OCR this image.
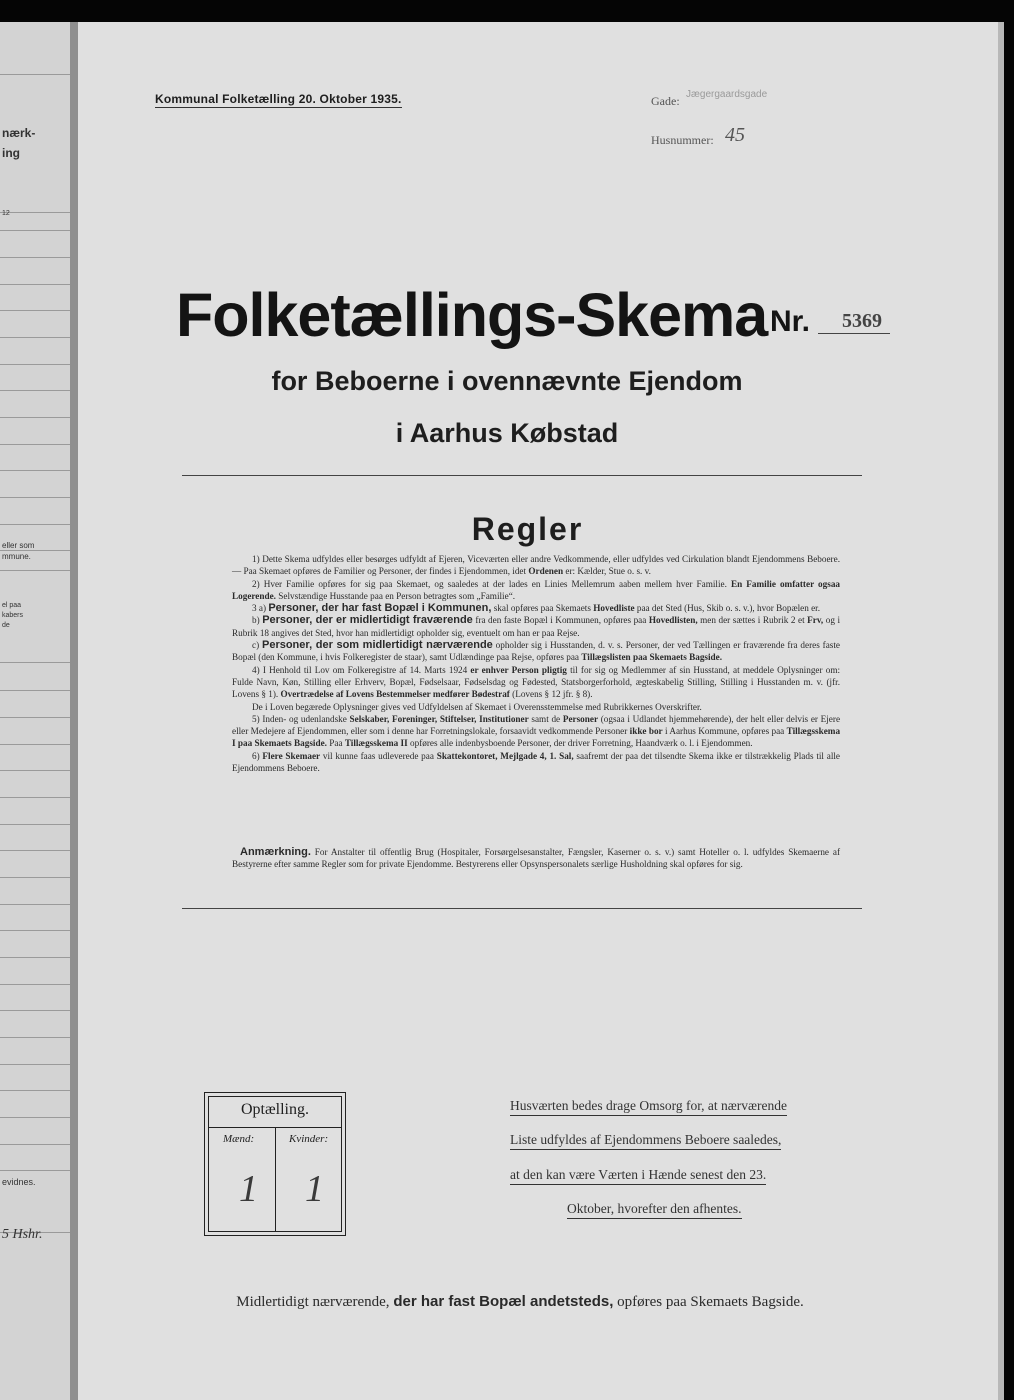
nærk-
ing
12
eller som
mmune.
el paa
kabers
de
evidnes.
5 Hshr.
Kommunal Folketælling 20. Oktober 1935.	Gade: Jægergaardsgade
Husnummer: 45
Folketællings-Skema Nr. 5369
for Beboerne i ovennævnte Ejendom
i Aarhus Købstad
Regler

1) Dette Skema udfyldes eller besørges udfyldt af Ejeren, Viceværten eller andre Vedkommende, eller udfyldes ved Cirkulation blandt Ejendommens Beboere. — Paa Skemaet opføres de Familier og Personer, der findes i Ejendommen, idet Ordenen er: Kælder, Stue o. s. v.

2) Hver Familie opføres for sig paa Skemaet, og saaledes at der lades en Linies Mellemrum aaben mellem hver Familie. En Familie omfatter ogsaa Logerende. Selvstændige Husstande paa en Person betragtes som „Familie“.

3 a) Personer, der har fast Bopæl i Kommunen, skal opføres paa Skemaets Hovedliste paa det Sted (Hus, Skib o. s. v.), hvor Bopælen er.

b) Personer, der er midlertidigt fraværende fra den faste Bopæl i Kommunen, opføres paa Hovedlisten, men der sættes i Rubrik 2 et Frv, og i Rubrik 18 angives det Sted, hvor han midlertidigt opholder sig, eventuelt om han er paa Rejse.

c) Personer, der som midlertidigt nærværende opholder sig i Husstanden, d. v. s. Personer, der ved Tællingen er fraværende fra deres faste Bopæl (den Kommune, i hvis Folkeregister de staar), samt Udlændinge paa Rejse, opføres paa Tillægslisten paa Skemaets Bagside.

4) I Henhold til Lov om Folkeregistre af 14. Marts 1924 er enhver Person pligtig til for sig og Medlemmer af sin Husstand, at meddele Oplysninger om: Fulde Navn, Køn, Stilling eller Erhverv, Bopæl, Fødselsaar, Fødselsdag og Fødested, Statsborgerforhold, ægteskabelig Stilling, Stilling i Husstanden m. v. (jfr. Lovens § 1). Overtrædelse af Lovens Bestemmelser medfører Bødestraf (Lovens § 12 jfr. § 8).

De i Loven begærede Oplysninger gives ved Udfyldelsen af Skemaet i Overensstemmelse med Rubrikkernes Overskrifter.

5) Inden- og udenlandske Selskaber, Foreninger, Stiftelser, Institutioner samt de Personer (ogsaa i Udlandet hjemmehørende), der helt eller delvis er Ejere eller Medejere af Ejendommen, eller som i denne har Forretningslokale, forsaavidt vedkommende Personer ikke bor i Aarhus Kommune, opføres paa Tillægsskema I paa Skemaets Bagside. Paa Tillægsskema II opføres alle indenbysboende Personer, der driver Forretning, Haandværk o. l. i Ejendommen.

6) Flere Skemaer vil kunne faas udleverede paa Skattekontoret, Mejlgade 4, 1. Sal, saafremt der paa det tilsendte Skema ikke er tilstrækkelig Plads til alle Ejendommens Beboere.

Anmærkning. For Anstalter til offentlig Brug (Hospitaler, Forsørgelsesanstalter, Fængsler, Kaserner o. s. v.) samt Hoteller o. l. udfyldes Skemaerne af Bestyrerne efter samme Regler som for private Ejendomme. Bestyrerens eller Opsynspersonalets særlige Husholdning skal opføres for sig.
Optælling.
Mænd:	Kvinder:
1 1
Husværten bedes drage Omsorg for, at nærværende
Liste udfyldes af Ejendommens Beboere saaledes,
at den kan være Værten i Hænde senest den 23.
Oktober, hvorefter den afhentes.
Midlertidigt nærværende, der har fast Bopæl andetsteds, opføres paa Skemaets Bagside.
